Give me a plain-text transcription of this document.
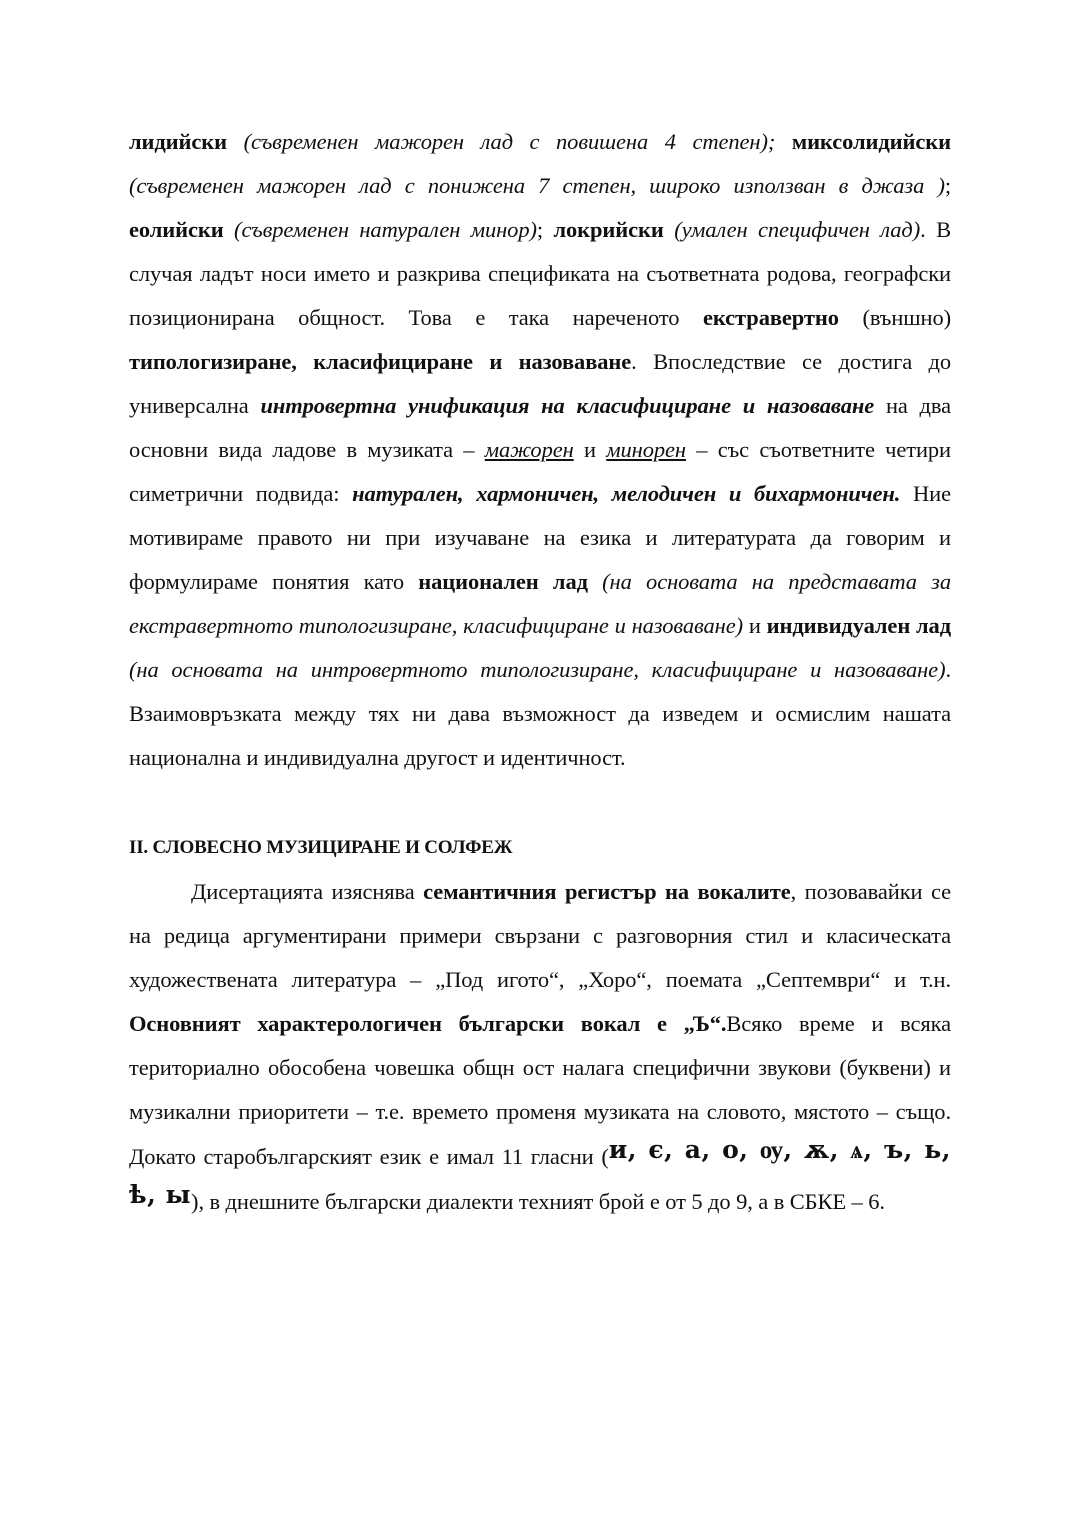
лидийски (съвременен мажорен лад с повишена 4 степен); миксолидийски (съвременен мажорен лад с понижена 7 степен, широко използван в джаза ); еолийски (съвременен натурален минор); локрийски (умален специфичен лад). В случая ладът носи името и разкрива спецификата на съответната родова, географски позиционирана общност. Това е така нареченото екстравертно (външно) типологизиране, класифициране и назоваване. Впоследствие се достига до универсална интровертна унификация на класифициране и назоваване на два основни вида ладове в музиката – мажорен и минорен – със съответните четири симетрични подвида: натурален, хармоничен, мелодичен и бихармоничен. Ние мотивираме правото ни при изучаване на езика и литературата да говорим и формулираме понятия като национален лад (на основата на представата за екстравертното типологизиране, класифициране и назоваване) и индивидуален лад (на основата на интровертното типологизиране, класифициране и назоваване). Взаимовръзката между тях ни дава възможност да изведем и осмислим нашата национална и индивидуална другост и идентичност.

II. СЛОВЕСНО МУЗИЦИРАНЕ И СОЛФЕЖ

Дисертацията изяснява семантичния регистър на вокалите, позовавайки се на редица аргументирани примери свързани с разговорния стил и класическата художествената литература – „Под игото“, „Хоро“, поемата „Септември“ и т.н. Основният характерологичен български вокал е „Ъ“.Всяко време и всяка териториално обособена човешка общн ост налага специфични звукови (буквени) и музикални приоритети – т.е. времето променя музиката на словото, мястото – също. Докато старобългарският език е имал 11 гласни (и, є, а, о, ѹ, ѫ, ѧ, ъ, ь, ѣ, ы), в днешните български диалекти техният брой е от 5 до 9, а в СБКЕ – 6.
